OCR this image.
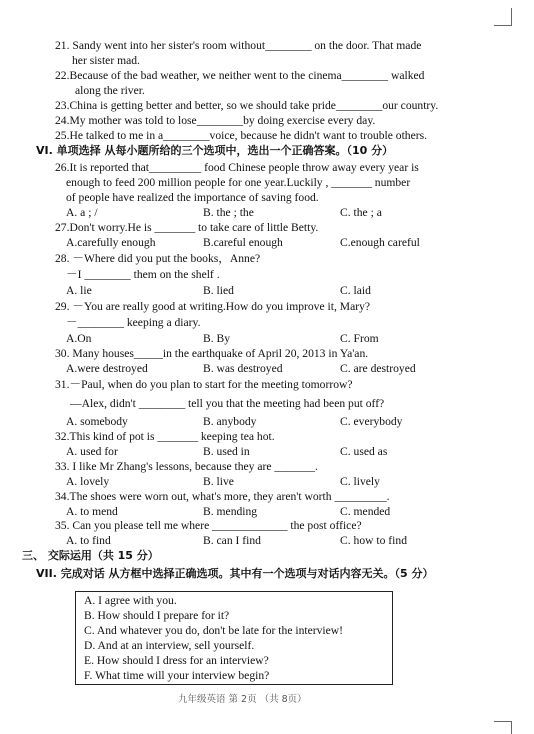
21. Sandy went into her sister's room without________ on the door. That made
her sister mad.
22.Because of the bad weather, we neither went to the cinema________ walked
along the river.
23.China is getting better and better, so we should take pride________our country.
24.My mother was told to lose________by doing exercise every day.
25.He talked to me in a________voice, because he didn't want to trouble others.
VI. 单项选择 从每小题所给的三个选项中，选出一个正确答案。（10 分）
26.It is reported that_________ food Chinese people throw away every year is
enough to feed 200 million people for one year.Luckily , _______ number
of people have realized the importance of saving food.
A. a ; /	B. the ; the	C. the ; a
27.Don't worry.He is _______ to take care of little Betty.
A.carefully enough	B.careful enough	C.enough careful
28. －Where did you put the books，Anne?
－I ________ them on the shelf .
A. lie	B. lied	C. laid
29. －You are really good at writing.How do you improve it, Mary?
－________ keeping a diary.
A.On	B. By	C. From
30. Many houses_____in the earthquake of April 20, 2013 in Ya'an.
A.were destroyed	B. was destroyed	C. are destroyed
31.－Paul, when do you plan to start for the meeting tomorrow?
—Alex, didn't ________ tell you that the meeting had been put off?
A. somebody	B. anybody	C. everybody
32.This kind of pot is _______ keeping tea hot.
A. used for	B. used in	C. used as
33. I like Mr Zhang's lessons, because they are _______.
A. lovely	B. live	C. lively
34.The shoes were worn out, what's more, they aren't worth _________.
A. to mend	B. mending	C. mended
35. Can you please tell me where _____________ the post office?
A. to find	B. can I find	C. how to find
三、 交际运用（共 15 分）
VII. 完成对话 从方框中选择正确选项。其中有一个选项与对话内容无关。（5 分）
A. I agree with you.
B. How should I prepare for it?
C. And whatever you do, don't be late for the interview!
D. And at an interview, sell yourself.
E. How should I dress for an interview?
F. What time will your interview begin?
九年级英语 第 2页 （共 8页）
